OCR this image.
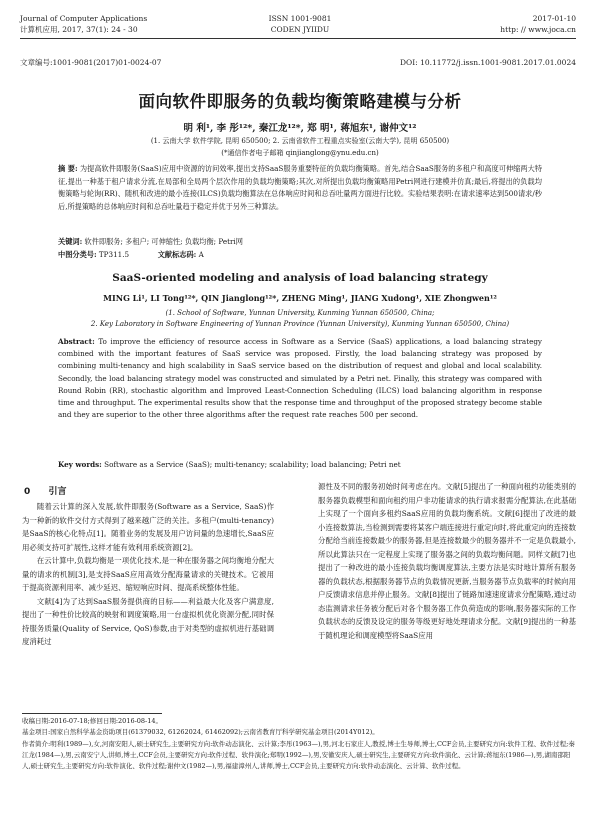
Journal of Computer Applications
计算机应用, 2017, 37(1): 24 - 30
ISSN 1001-9081
CODEN JYIIDU
2017-01-10
http: // www.joca.cn
文章编号:1001-9081(2017)01-0024-07	DOI: 10.11772/j.issn.1001-9081.2017.01.0024
面向软件即服务的负载均衡策略建模与分析
明 利¹, 李 彤¹²*, 秦江龙¹²*, 郑 明¹, 蒋旭东¹, 谢仲文¹²
(1. 云南大学 软件学院, 昆明 650500; 2. 云南省软件工程重点实验室(云南大学), 昆明 650500)
(*通信作者电子邮箱 qinjianglong@ynu.edu.cn)
摘 要: 为提高软件即服务(SaaS)应用中资源的访问效率,提出支持SaaS服务重要特征的负载均衡策略。首先,结合SaaS服务的多租户和高度可伸缩两大特征,提出一种基于租户请求分流,在局部和全局两个层次作用的负载均衡策略;其次,对所提出负载均衡策略用Petri网进行建模并仿真;最后,将提出的负载均衡策略与轮询(RR)、随机和改进的最小连接(ILCS)负载均衡算法在总体响应时间和总吞吐量两方面进行比较。实验结果表明:在请求速率达到500请求/秒后,所提策略的总体响应时间和总吞吐量趋于稳定并优于另外三种算法。
关键词: 软件即服务; 多租户; 可伸缩性; 负载均衡; Petri网
中图分类号: TP311.5	文献标志码: A
SaaS-oriented modeling and analysis of load balancing strategy
MING Li¹, LI Tong¹²*, QIN Jianglong¹²*, ZHENG Ming¹, JIANG Xudong¹, XIE Zhongwen¹²
(1. School of Software, Yunnan University, Kunming Yunnan 650500, China;
2. Key Laboratory in Software Engineering of Yunnan Province (Yunnan University), Kunming Yunnan 650500, China)
Abstract: To improve the efficiency of resource access in Software as a Service (SaaS) applications, a load balancing strategy combined with the important features of SaaS service was proposed. Firstly, the load balancing strategy was proposed by combining multi-tenancy and high scalability in SaaS service based on the distribution of request and global and local scalability. Secondly, the load balancing strategy model was constructed and simulated by a Petri net. Finally, this strategy was compared with Round Robin (RR), stochastic algorithm and Improved Least-Connection Scheduling (ILCS) load balancing algorithm in response time and throughput. The experimental results show that the response time and throughput of the proposed strategy become stable and they are superior to the other three algorithms after the request rate reaches 500 per second.
Key words: Software as a Service (SaaS); multi-tenancy; scalability; load balancing; Petri net
0 引言

随着云计算的深入发展,软件即服务(Software as a Service, SaaS)作为一种新的软件交付方式得到了越来越广泛的关注。多租户(multi-tenancy)是SaaS的核心化特点[1]。随着业务的发展及用户访问量的急速增长,SaaS应用必须支持可扩展性,这样才能有效利用系统资源[2]。

在云计算中,负载均衡是一项优化技术,是一种在服务器之间均衡地分配大量的请求的机制[3],是支持SaaS应用高效分配海量请求的关键技术。它被用于提高资源利用率、减少延迟、缩短响应时间、提高系统整体性能。

文献[4]为了达到SaaS服务提供商的目标——利益最大化及客户满意度,提出了一种性价比较高的映射和调度策略,用一台虚拟机优化资源分配,同时保持服务质量(Quality of Service, QoS)参数,由于对类型的虚拟机进行基础调度消耗过

源性及不同的服务初始时间考虑在内。文献[5]提出了一种面向租约功能类别的服务器负载模型和面向租约用户非功能请求的执行请求报需分配算法,在此基础上实现了一个面向多租约SaaS应用的负载均衡系统。文献[6]提出了改进的最小连接数算法,当检测到需要将某客户端连接进行重定向时,将此重定向的连接数分配给当前连接数最少的服务器,但是连接数最少的服务器并不一定是负载最小,所以此算法只在一定程度上实现了服务器之间的负载均衡问题。同样文献[7]也提出了一种改进的最小连接负载均衡调度算法,主要方法是实时地计算所有服务器的负载状态,根据服务器节点的负载情况更新,当服务器节点负载率的时候向用户反馈请求信息并停止服务。文献[8]提出了链路加速速度请求分配策略,通过动态监测请求任务被分配后对各个服务器工作负荷造成的影响,服务器实际的工作负载状态的反馈及设定的服务等级更好地处理请求分配。文献[9]提出的一种基于随机理论和调度模型将SaaS应用

收稿日期:2016-07-18;修回日期:2016-08-14。
基金项目:国家自然科学基金资助项目(61379032, 61262024, 61462092);云南省教育厅科学研究基金项目(2014Y012)。
作者简介:明利(1989—),女,河南安阳人,硕士研究生,主要研究方向:软件动态演化、云计算;李彤(1963—),男,河北石家庄人,教授,博士生导师,博士,CCF会员,主要研究方向:软件工程、软件过程;秦江龙(1984—),男,云南安宁人,讲师,博士,CCF会员,主要研究方向:软件过程、软件演化;郑明(1992—),男,安徽安庆人,硕士研究生,主要研究方向:软件演化、云计算;蒋旭东(1986—),男,湖南邵阳人,硕士研究生,主要研究方向:软件演化、软件过程;谢仲文(1982—),男,福建漳州人,讲师,博士,CCF会员,主要研究方向:软件动态演化、云计算、软件过程。
